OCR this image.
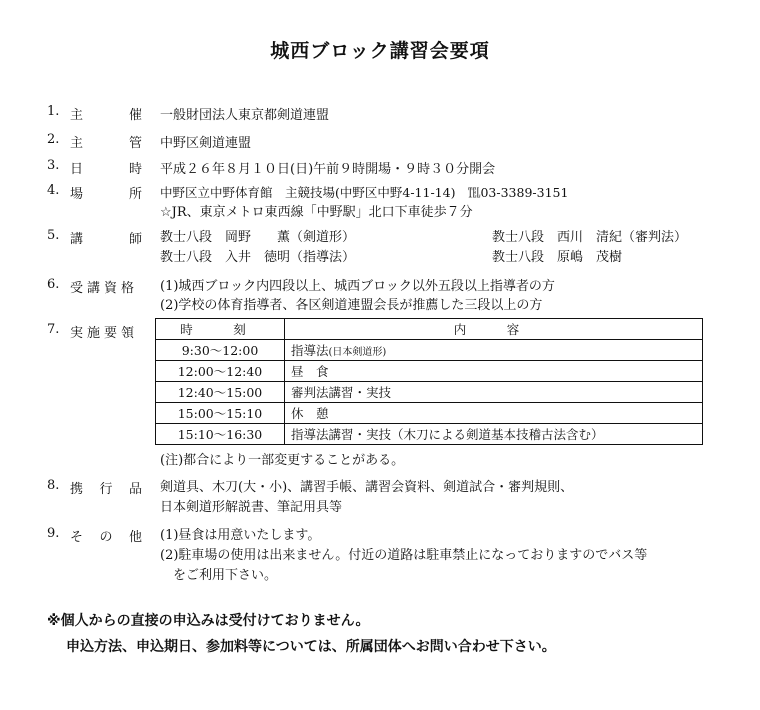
城西ブロック講習会要項
1. 主	催 一般財団法人東京都剣道連盟
2. 主	管 中野区剣道連盟
3. 日	時 平成２６年８月１０日(日)午前９時開場・９時３０分開会
4. 場	所 中野区立中野体育館　主競技場(中野区中野4-11-14)　℡03-3389-3151
☆JR、東京メトロ東西線「中野駅」北口下車徒歩７分
5. 講	師 教士八段　岡野　　薫（剣道形）	教士八段　西川　清紀（審判法）
教士八段　入井　徳明（指導法）	教士八段　原嶋　茂樹
6. 受講資格 (1)城西ブロック内四段以上、城西ブロック以外五段以上指導者の方
(2)学校の体育指導者、各区剣道連盟会長が推薦した三段以上の方
7. 実施要領	時　刻	内　容
9:30～12:00	指導法(日本剣道形)
12:00～12:40	昼　食
12:40～15:00	審判法講習・実技
15:00～15:10	休　憩
15:10～16:30	指導法講習・実技（木刀による剣道基本技稽古法含む）
(注)都合により一部変更することがある。
8. 携 行 品 剣道具、木刀(大・小)、講習手帳、講習会資料、剣道試合・審判規則、
日本剣道形解説書、筆記用具等
9. そ の 他 (1)昼食は用意いたします。
(2)駐車場の使用は出来ません。付近の道路は駐車禁止になっておりますのでバス等
をご利用下さい。
※個人からの直接の申込みは受付けておりません。
申込方法、申込期日、参加料等については、所属団体へお問い合わせ下さい。
